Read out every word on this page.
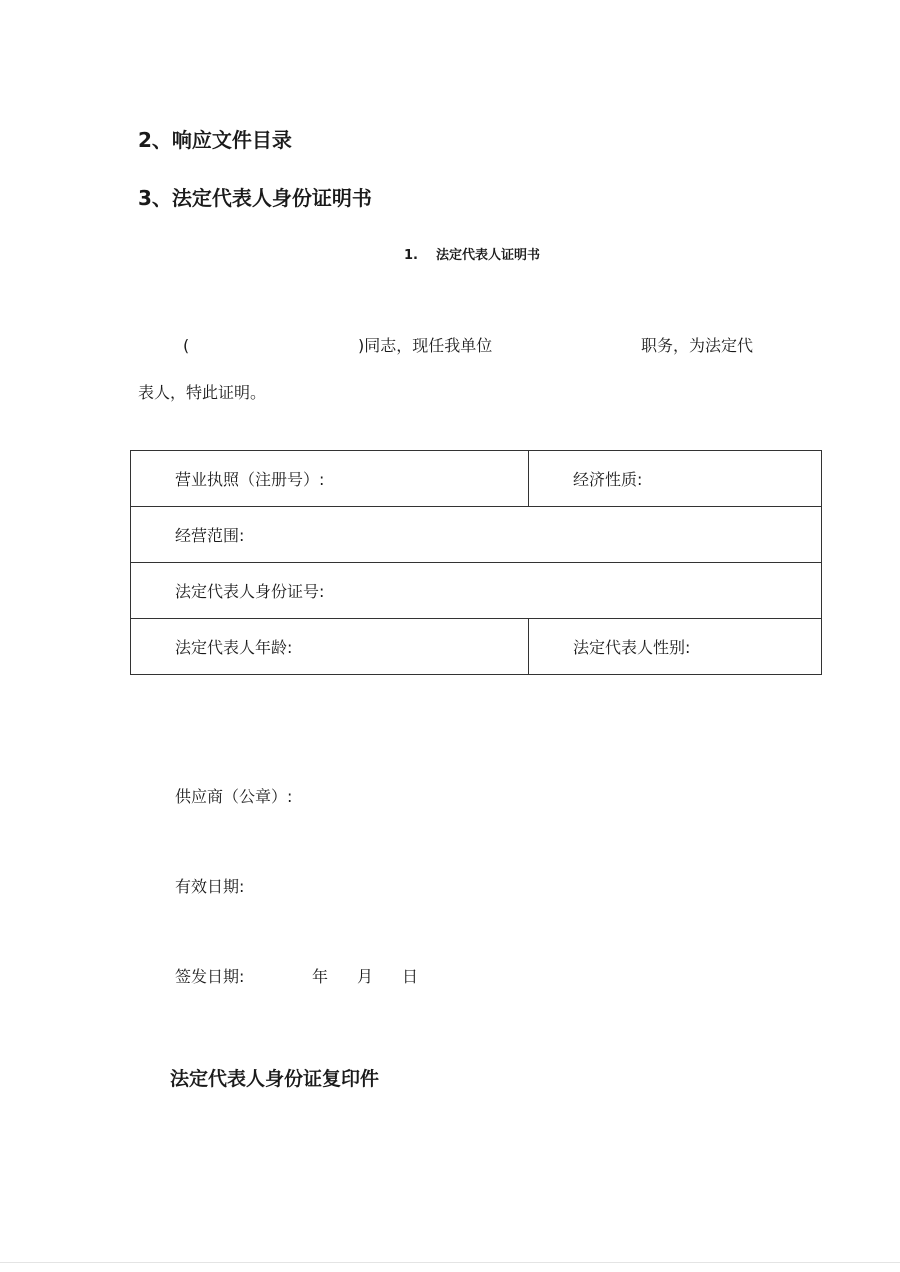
2、响应文件目录
3、法定代表人身份证明书
1. 法定代表人证明书
(	)同志，现任我单位	职务，为法定代
表人，特此证明。
营业执照（注册号）:	经济性质:
经营范围:	
法定代表人身份证号:	
法定代表人年龄:	法定代表人性别:
供应商（公章）:
有效日期:
签发日期:	年 月 日
法定代表人身份证复印件
